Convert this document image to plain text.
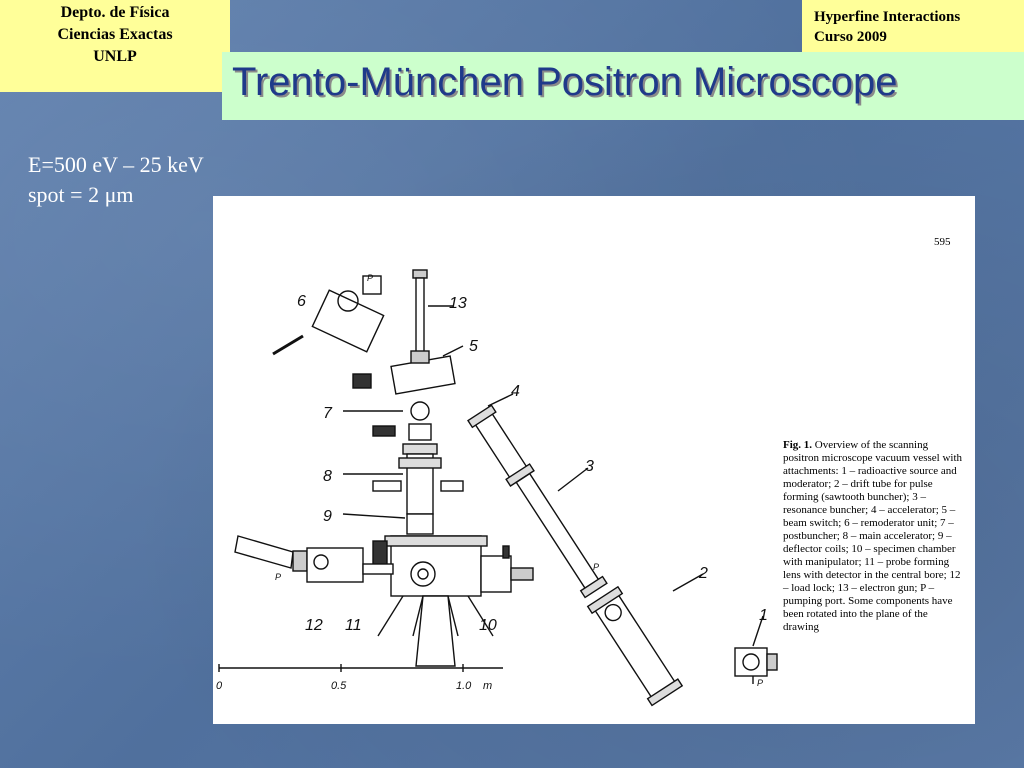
Depto. de Física
Ciencias Exactas
UNLP
Hyperfine Interactions
Curso 2009
Trento-München Positron Microscope
E=500 eV – 25 keV
spot = 2 μm
595
13
6
5
4
7
8
9
3
2
1
12 11	10
P
P
P
P
0	0.5	1.0 m
Fig. 1. Overview of the scanning positron microscope vacuum vessel with attachments: 1 – radioactive source and moderator; 2 – drift tube for pulse forming (sawtooth buncher); 3 – resonance buncher; 4 – accelerator; 5 – beam switch; 6 – remoderator unit; 7 – postbuncher; 8 – main accelerator; 9 – deflector coils; 10 – specimen chamber with manipulator; 11 – probe forming lens with detector in the central bore; 12 – load lock; 13 – electron gun; P – pumping port. Some components have been rotated into the plane of the drawing
